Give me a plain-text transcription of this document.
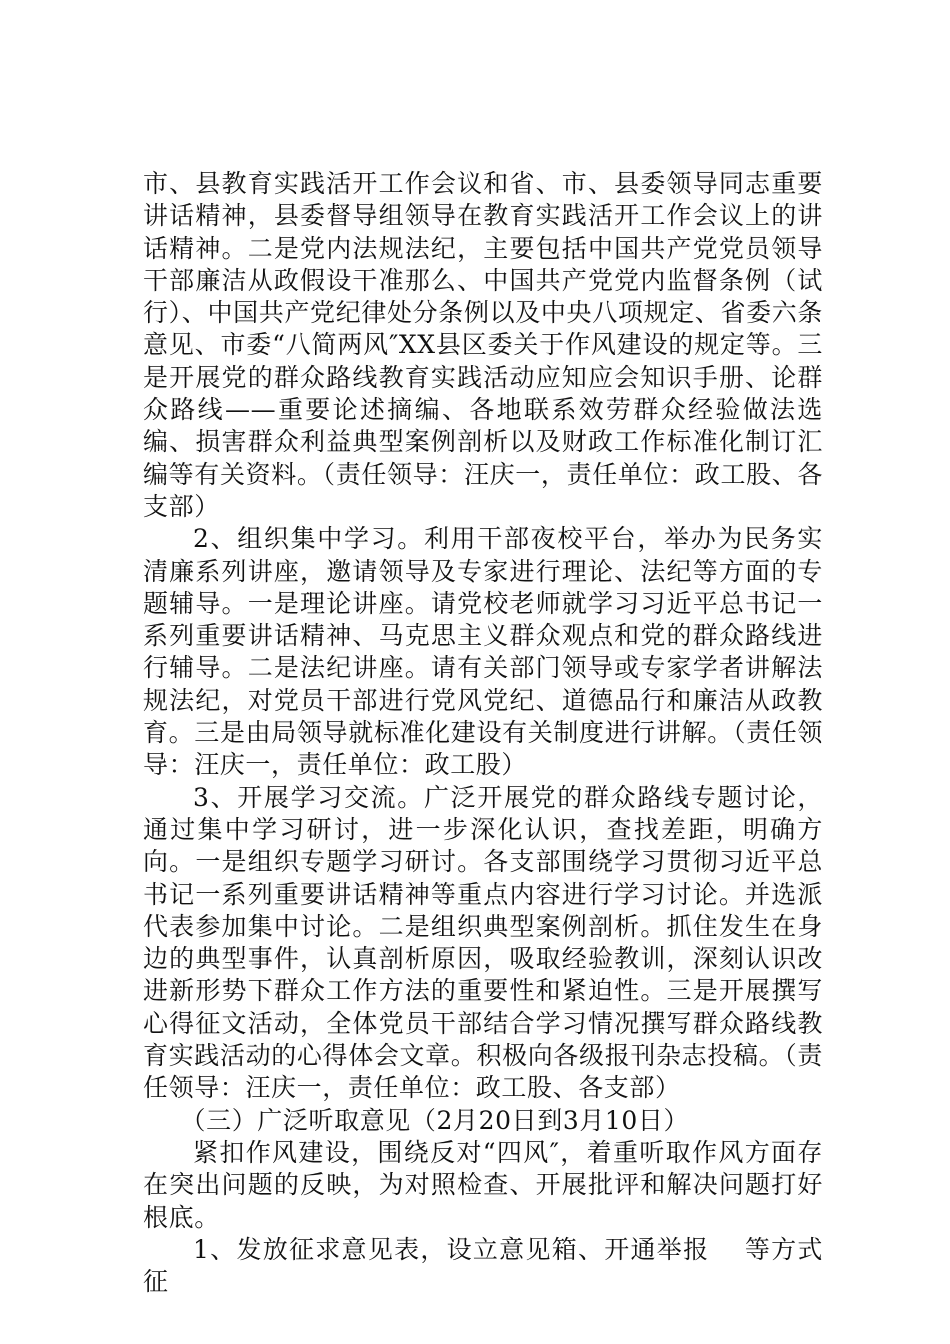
市、县教育实践活开工作会议和省、市、县委领导同志重要讲话精神，县委督导组领导在教育实践活开工作会议上的讲话精神。二是党内法规法纪，主要包括中国共产党党员领导干部廉洁从政假设干准那么、中国共产党党内监督条例（试行）、中国共产党纪律处分条例以及中央八项规定、省委六条意见、市委“八简两风″XX县区委关于作风建设的规定等。三是开展党的群众路线教育实践活动应知应会知识手册、论群众路线——重要论述摘编、各地联系效劳群众经验做法选编、损害群众利益典型案例剖析以及财政工作标准化制订汇编等有关资料。（责任领导：汪庆一，责任单位：政工股、各支部）

2、组织集中学习。利用干部夜校平台，举办为民务实清廉系列讲座，邀请领导及专家进行理论、法纪等方面的专题辅导。一是理论讲座。请党校老师就学习习近平总书记一系列重要讲话精神、马克思主义群众观点和党的群众路线进行辅导。二是法纪讲座。请有关部门领导或专家学者讲解法规法纪，对党员干部进行党风党纪、道德品行和廉洁从政教育。三是由局领导就标准化建设有关制度进行讲解。（责任领导：汪庆一，责任单位：政工股）

3、开展学习交流。广泛开展党的群众路线专题讨论，通过集中学习研讨，进一步深化认识，查找差距，明确方向。一是组织专题学习研讨。各支部围绕学习贯彻习近平总书记一系列重要讲话精神等重点内容进行学习讨论。并选派代表参加集中讨论。二是组织典型案例剖析。抓住发生在身边的典型事件，认真剖析原因，吸取经验教训，深刻认识改进新形势下群众工作方法的重要性和紧迫性。三是开展撰写心得征文活动，全体党员干部结合学习情况撰写群众路线教育实践活动的心得体会文章。积极向各级报刊杂志投稿。（责任领导：汪庆一，责任单位：政工股、各支部）

（三）广泛听取意见（2月20日到3月10日）

紧扣作风建设，围绕反对“四风″，着重听取作风方面存在突出问题的反映，为对照检查、开展批评和解决问题打好根底。

1、发放征求意见表，设立意见箱、开通举报　 等方式征
